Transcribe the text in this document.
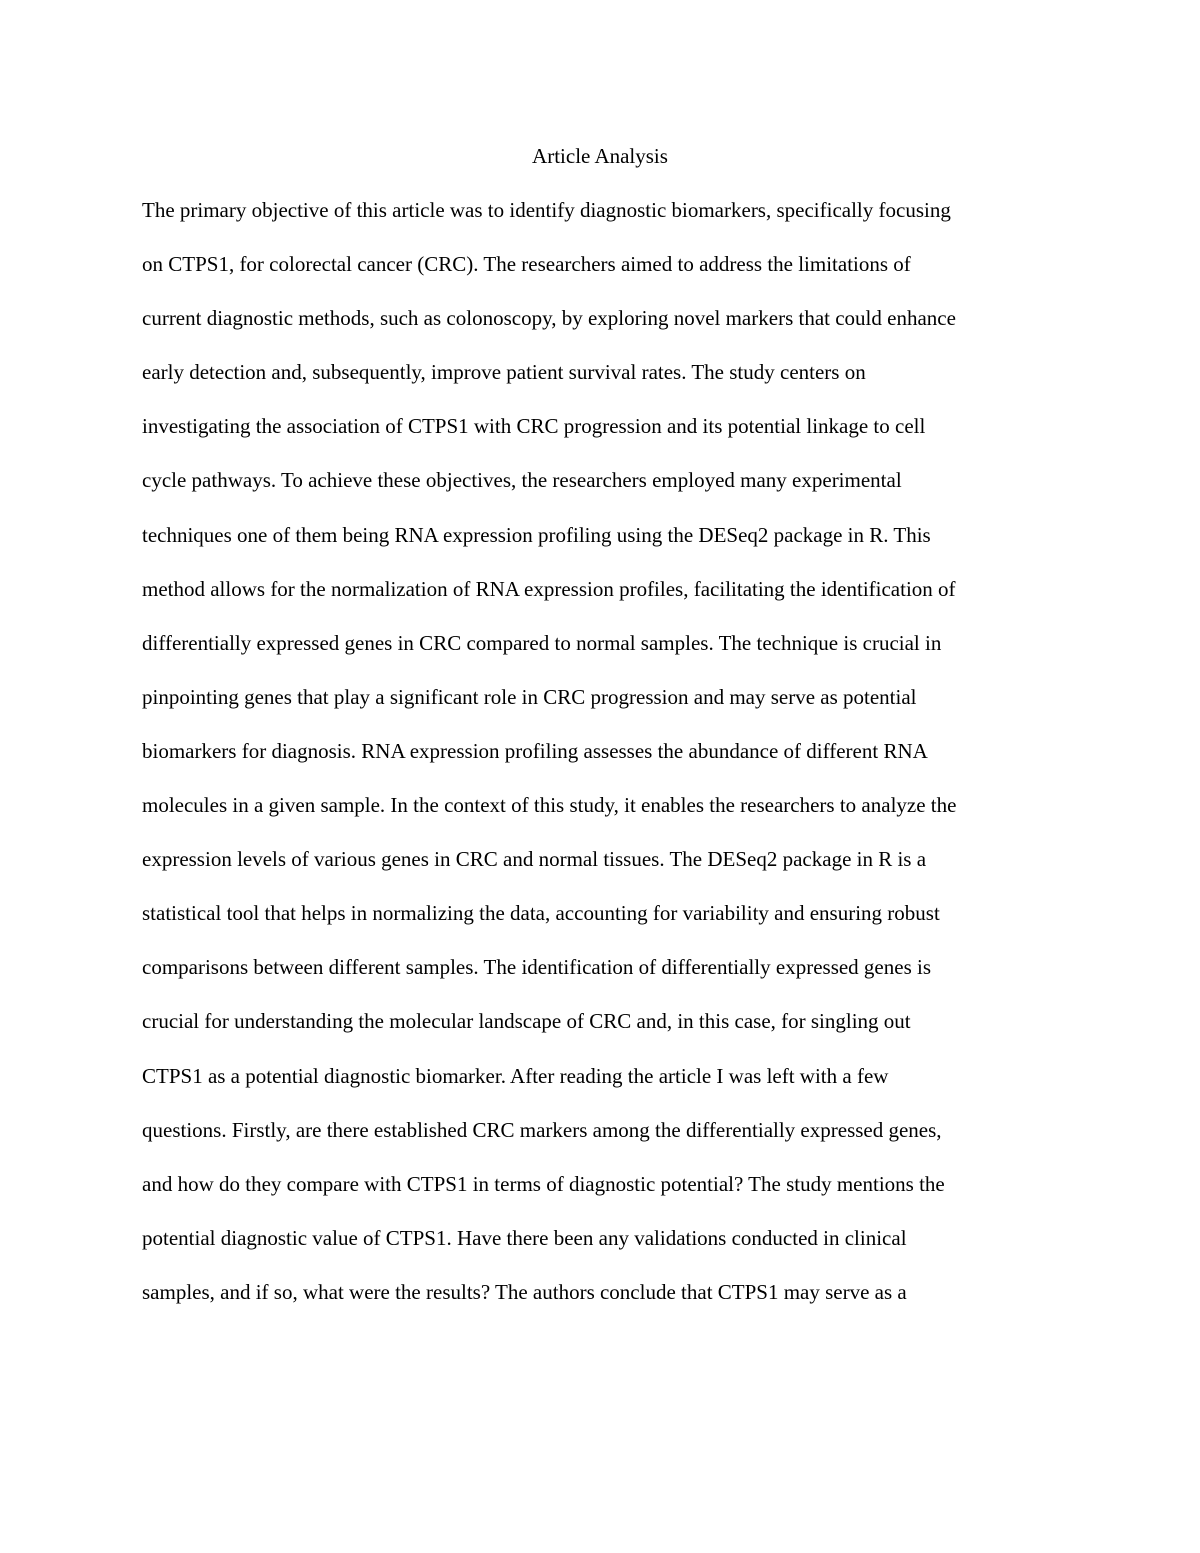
Article Analysis
The primary objective of this article was to identify diagnostic biomarkers, specifically focusing
on CTPS1, for colorectal cancer (CRC). The researchers aimed to address the limitations of
current diagnostic methods, such as colonoscopy, by exploring novel markers that could enhance
early detection and, subsequently, improve patient survival rates. The study centers on
investigating the association of CTPS1 with CRC progression and its potential linkage to cell
cycle pathways. To achieve these objectives, the researchers employed many experimental
techniques one of them being RNA expression profiling using the DESeq2 package in R. This
method allows for the normalization of RNA expression profiles, facilitating the identification of
differentially expressed genes in CRC compared to normal samples. The technique is crucial in
pinpointing genes that play a significant role in CRC progression and may serve as potential
biomarkers for diagnosis. RNA expression profiling assesses the abundance of different RNA
molecules in a given sample. In the context of this study, it enables the researchers to analyze the
expression levels of various genes in CRC and normal tissues. The DESeq2 package in R is a
statistical tool that helps in normalizing the data, accounting for variability and ensuring robust
comparisons between different samples. The identification of differentially expressed genes is
crucial for understanding the molecular landscape of CRC and, in this case, for singling out
CTPS1 as a potential diagnostic biomarker. After reading the article I was left with a few
questions. Firstly, are there established CRC markers among the differentially expressed genes,
and how do they compare with CTPS1 in terms of diagnostic potential? The study mentions the
potential diagnostic value of CTPS1. Have there been any validations conducted in clinical
samples, and if so, what were the results? The authors conclude that CTPS1 may serve as a
